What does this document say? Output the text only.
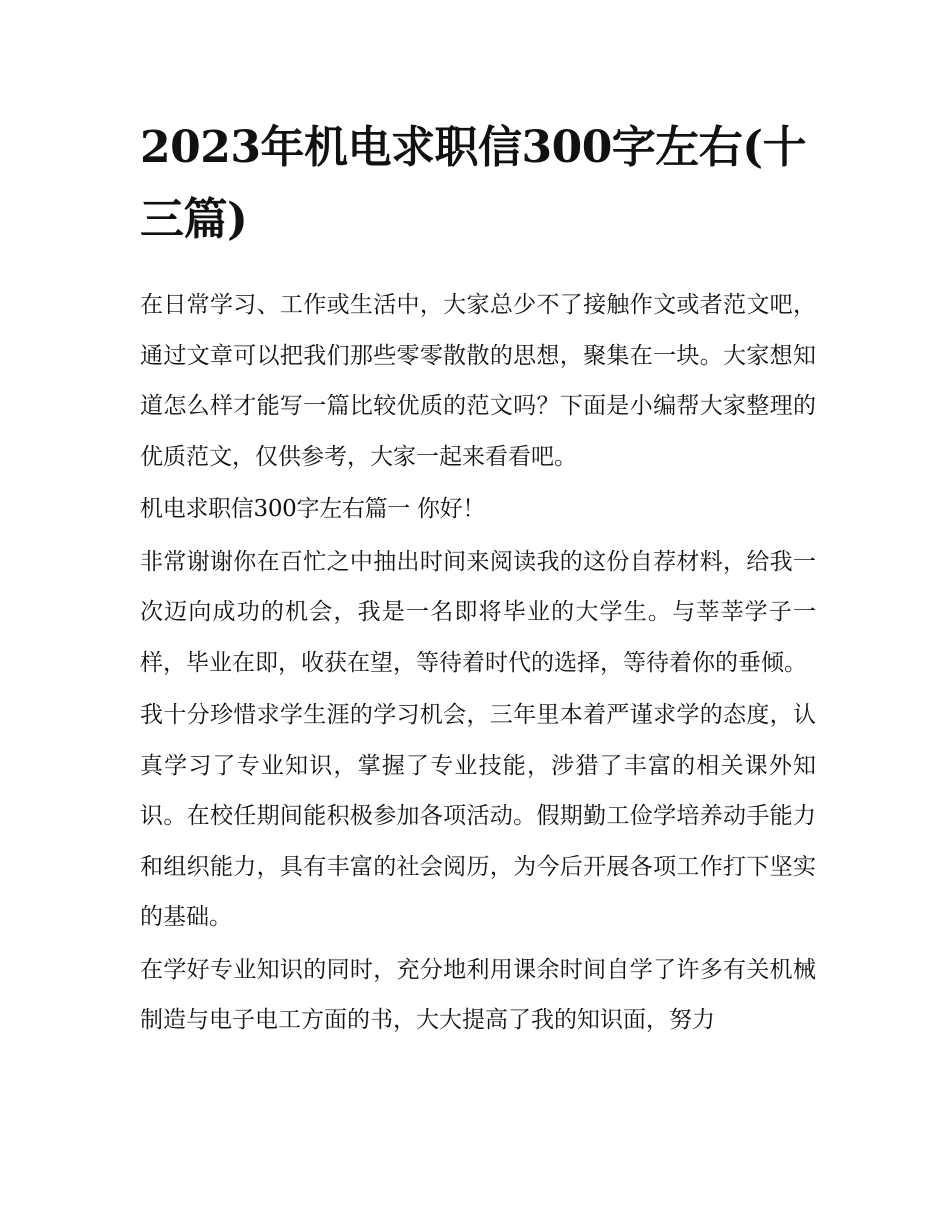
2023年机电求职信300字左右(十三篇)

在日常学习、工作或生活中，大家总少不了接触作文或者范文吧，通过文章可以把我们那些零零散散的思想，聚集在一块。大家想知道怎么样才能写一篇比较优质的范文吗？下面是小编帮大家整理的优质范文，仅供参考，大家一起来看看吧。

机电求职信300字左右篇一 你好！

非常谢谢你在百忙之中抽出时间来阅读我的这份自荐材料，给我一次迈向成功的机会，我是一名即将毕业的大学生。与莘莘学子一样，毕业在即，收获在望，等待着时代的选择，等待着你的垂倾。

我十分珍惜求学生涯的学习机会，三年里本着严谨求学的态度，认真学习了专业知识，掌握了专业技能，涉猎了丰富的相关课外知识。在校任期间能积极参加各项活动。假期勤工俭学培养动手能力和组织能力，具有丰富的社会阅历，为今后开展各项工作打下坚实的基础。

在学好专业知识的同时，充分地利用课余时间自学了许多有关机械制造与电子电工方面的书，大大提高了我的知识面，努力
